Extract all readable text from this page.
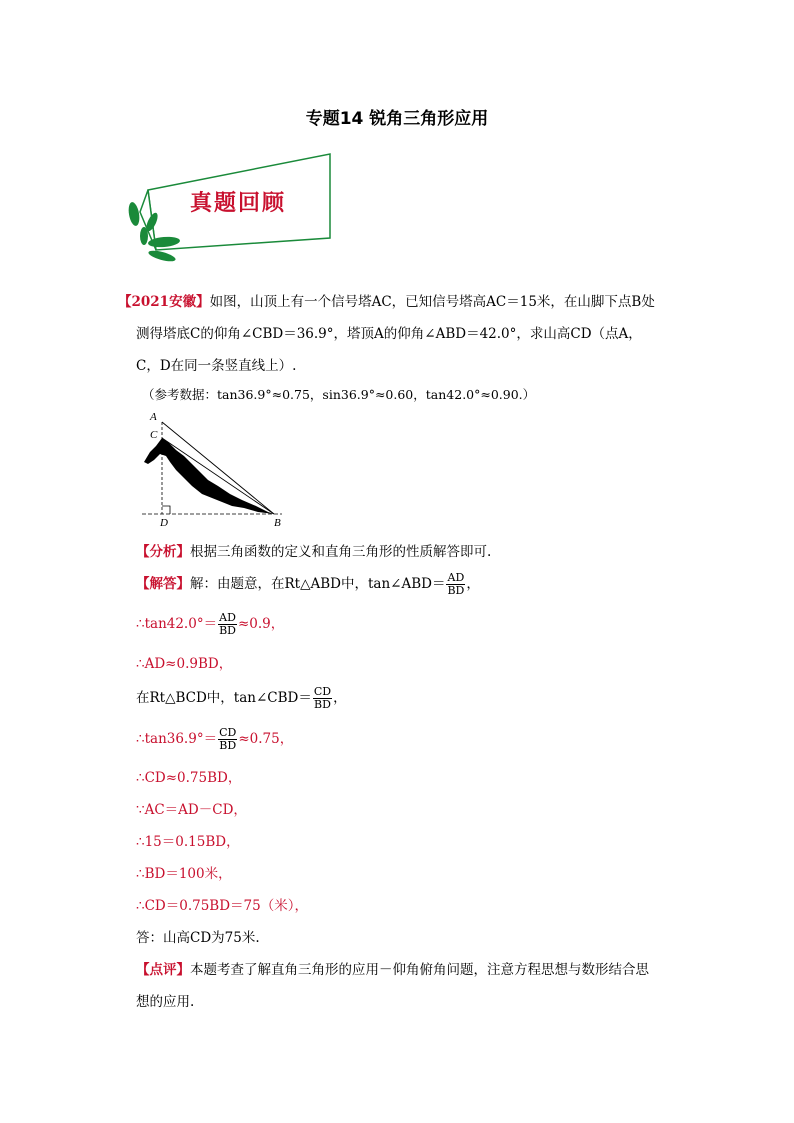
专题14 锐角三角形应用
真题回顾
【2021安徽】如图，山顶上有一个信号塔AC，已知信号塔高AC＝15米，在山脚下点B处
测得塔底C的仰角∠CBD＝36.9°，塔顶A的仰角∠ABD＝42.0°，求山高CD（点A，
C，D在同一条竖直线上）.
（参考数据：tan36.9°≈0.75，sin36.9°≈0.60，tan42.0°≈0.90.）
A
C
D	B
【分析】根据三角函数的定义和直角三角形的性质解答即可.
【解答】解：由题意，在Rt△ABD中，tan∠ABD＝ $\frac{AD}{BD}$ ，
∴tan42.0°＝ $\frac{AD}{BD} \approx 0.9$，
∴AD≈0.9BD，
在Rt△BCD中，tan∠CBD＝ $\frac{CD}{BD}$ ，
∴tan36.9°＝ $\frac{CD}{BD} \approx 0.75$，
∴CD≈0.75BD，
∵AC＝AD－CD，
∴15＝0.15BD，
∴BD＝100米，
∴CD＝0.75BD＝75（米），
答：山高CD为75米.
【点评】本题考查了解直角三角形的应用－仰角俯角问题，注意方程思想与数形结合思
想的应用.
